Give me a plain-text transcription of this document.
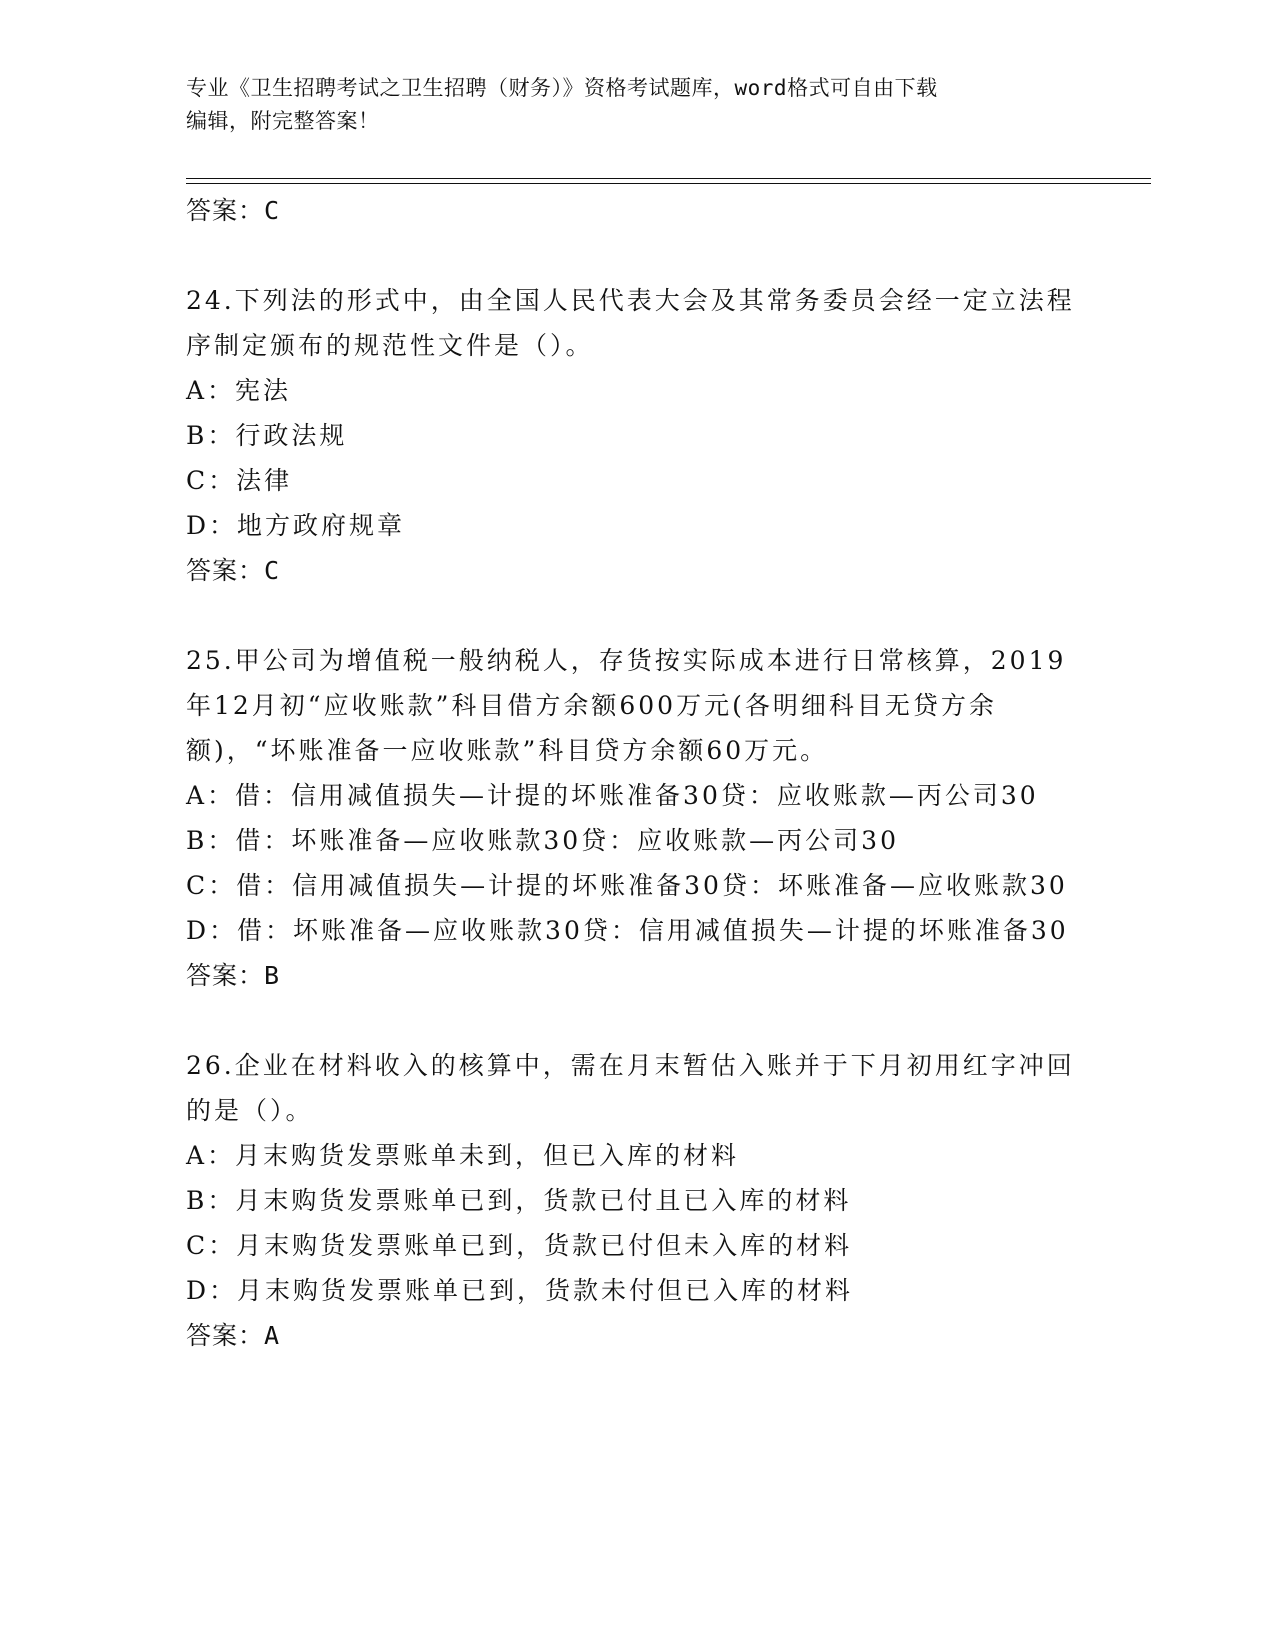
专业《卫生招聘考试之卫生招聘（财务）》资格考试题库，word格式可自由下载
编辑，附完整答案！
答案：C
24.下列法的形式中，由全国人民代表大会及其常务委员会经一定立法程序制定颁布的规范性文件是（）。
A：宪法
B：行政法规
C：法律
D：地方政府规章
答案：C
25.甲公司为增值税一般纳税人，存货按实际成本进行日常核算，2019年12月初“应收账款”科目借方余额600万元(各明细科目无贷方余额)，“坏账准备一应收账款”科目贷方余额60万元。
A：借：信用减值损失—计提的坏账准备30贷：应收账款—丙公司30
B：借：坏账准备—应收账款30贷：应收账款—丙公司30
C：借：信用减值损失—计提的坏账准备30贷：坏账准备—应收账款30
D：借：坏账准备—应收账款30贷：信用减值损失—计提的坏账准备30
答案：B
26.企业在材料收入的核算中，需在月末暂估入账并于下月初用红字冲回的是（）。
A：月末购货发票账单未到，但已入库的材料
B：月末购货发票账单已到，货款已付且已入库的材料
C：月末购货发票账单已到，货款已付但未入库的材料
D：月末购货发票账单已到，货款未付但已入库的材料
答案：A
